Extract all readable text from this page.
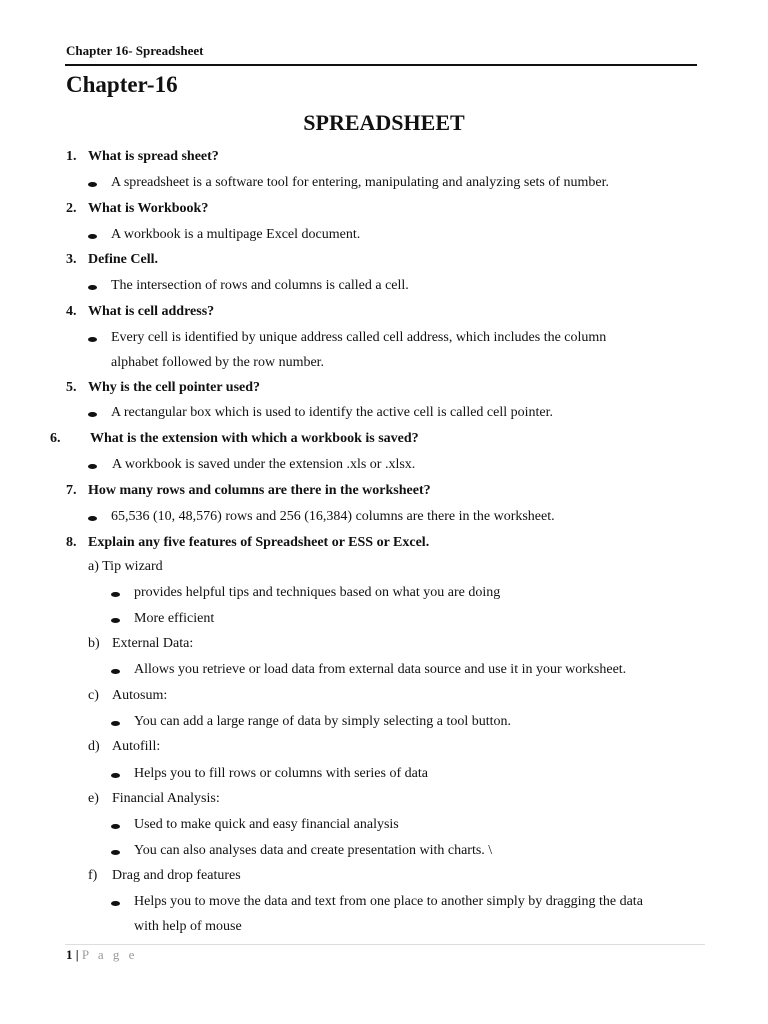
Chapter 16- Spreadsheet
Chapter-16
SPREADSHEET
1. What is spread sheet?
A spreadsheet is a software tool for entering, manipulating and analyzing sets of number.
2. What is Workbook?
A workbook is a multipage Excel document.
3. Define Cell.
The intersection of rows and columns is called a cell.
4. What is cell address?
Every cell is identified by unique address called cell address, which includes the column
alphabet followed by the row number.
5. Why is the cell pointer used?
A rectangular box which is used to identify the active cell is called cell pointer.
6. What is the extension with which a workbook is saved?
A workbook is saved under the extension .xls or .xlsx.
7. How many rows and columns are there in the worksheet?
65,536 (10, 48,576) rows and 256 (16,384) columns are there in the worksheet.
8. Explain any five features of Spreadsheet or ESS or Excel.
a) Tip wizard
provides helpful tips and techniques based on what you are doing
More efficient
b) External Data:
Allows you retrieve or load data from external data source and use it in your worksheet.
c) Autosum:
You can add a large range of data by simply selecting a tool button.
d) Autofill:
Helps you to fill rows or columns with series of data
e) Financial Analysis:
Used to make quick and easy financial analysis
You can also analyses data and create presentation with charts. \
f) Drag and drop features
Helps you to move the data and text from one place to another simply by dragging the data
with help of mouse
1 | P a g e
